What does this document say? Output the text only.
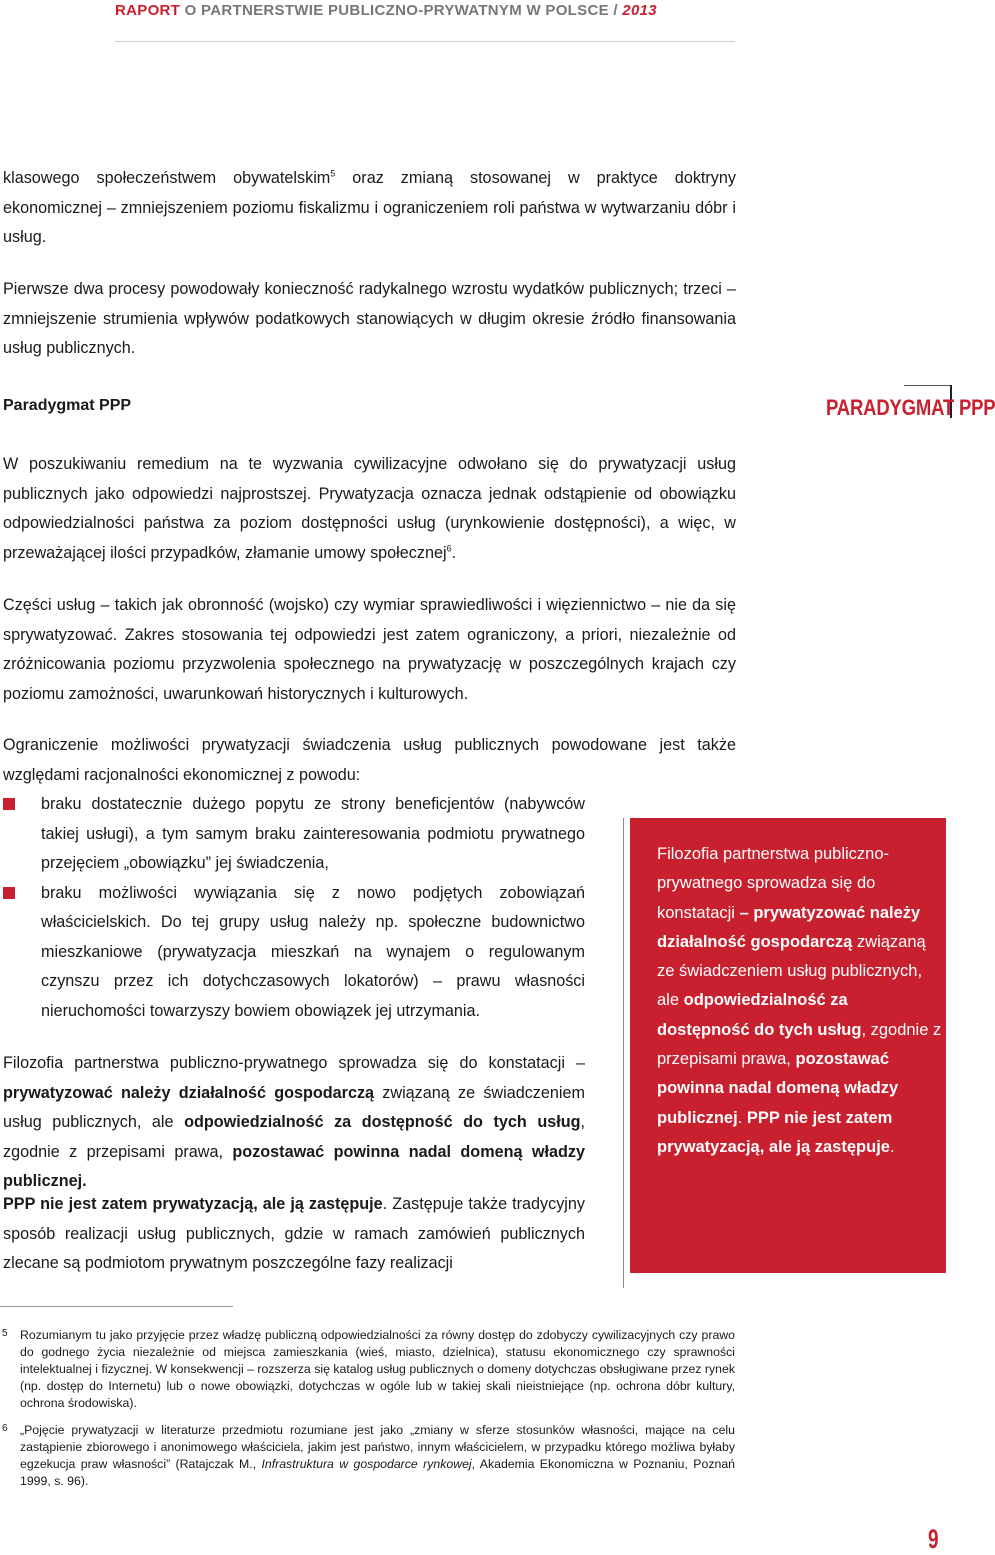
RAPORT O PARTNERSTWIE PUBLICZNO-PRYWATNYM W POLSCE / 2013
klasowego społeczeństwem obywatelskim$^5$ oraz zmianą stosowanej w praktyce doktryny ekonomicznej – zmniejszeniem poziomu fiskalizmu i ograniczeniem roli państwa w wytwarzaniu dóbr i usług.
Pierwsze dwa procesy powodowały konieczność radykalnego wzrostu wydatków publicznych; trzeci – zmniejszenie strumienia wpływów podatkowych stanowiących w długim okresie źródło finansowania usług publicznych.
Paradygmat PPP	PARADYGMAT PPP
W poszukiwaniu remedium na te wyzwania cywilizacyjne odwołano się do prywatyzacji usług publicznych jako odpowiedzi najprostszej. Prywatyzacja oznacza jednak odstąpienie od obowiązku odpowiedzialności państwa za poziom dostępności usług (urynkowienie dostępności), a więc, w przeważającej ilości przypadków, złamanie umowy społecznej$^6$.
Części usług – takich jak obronność (wojsko) czy wymiar sprawiedliwości i więziennictwo – nie da się sprywatyzować. Zakres stosowania tej odpowiedzi jest zatem ograniczony, a priori, niezależnie od zróżnicowania poziomu przyzwolenia społecznego na prywatyzację w poszczególnych krajach czy poziomu zamożności, uwarunkowań historycznych i kulturowych.
Ograniczenie możliwości prywatyzacji świadczenia usług publicznych powodowane jest także względami racjonalności ekonomicznej z powodu:
braku dostatecznie dużego popytu ze strony beneficjentów (nabywców takiej usługi), a tym samym braku zainteresowania podmiotu prywatnego przejęciem „obowiązku” jej świadczenia,
braku możliwości wywiązania się z nowo podjętych zobowiązań właścicielskich. Do tej grupy usług należy np. społeczne budownictwo mieszkaniowe (prywatyzacja mieszkań na wynajem o regulowanym czynszu przez ich dotychczasowych lokatorów) – prawu własności nieruchomości towarzyszy bowiem obowiązek jej utrzymania.
Filozofia partnerstwa publiczno-prywatnego sprowadza się do konstatacji – prywatyzować należy działalność gospodarczą związaną ze świadczeniem usług publicznych, ale odpowiedzialność za dostępność do tych usług, zgodnie z przepisami prawa, pozostawać powinna nadal domeną władzy publicznej.
PPP nie jest zatem prywatyzacją, ale ją zastępuje. Zastępuje także tradycyjny sposób realizacji usług publicznych, gdzie w ramach zamówień publicznych zlecane są podmiotom prywatnym poszczególne fazy realizacji
Filozofia partnerstwa publiczno-prywatnego sprowadza się do konstatacji – prywatyzować należy działalność gospodarczą związaną ze świadczeniem usług publicznych, ale odpowiedzialność za dostępność do tych usług, zgodnie z przepisami prawa, pozostawać powinna nadal domeną władzy publicznej. PPP nie jest zatem prywatyzacją, ale ją zastępuje.
5 Rozumianym tu jako przyjęcie przez władzę publiczną odpowiedzialności za równy dostęp do zdobyczy cywilizacyjnych czy prawo do godnego życia niezależnie od miejsca zamieszkania (wieś, miasto, dzielnica), statusu ekonomicznego czy sprawności intelektualnej i fizycznej. W konsekwencji – rozszerza się katalog usług publicznych o domeny dotychczas obsługiwane przez rynek (np. dostęp do Internetu) lub o nowe obowiązki, dotychczas w ogóle lub w takiej skali nieistniejące (np. ochrona dóbr kultury, ochrona środowiska).
6 „Pojęcie prywatyzacji w literaturze przedmiotu rozumiane jest jako „zmiany w sferze stosunków własności, mające na celu zastąpienie zbiorowego i anonimowego właściciela, jakim jest państwo, innym właścicielem, w przypadku którego możliwa byłaby egzekucja praw własności” (Ratajczak M., Infrastruktura w gospodarce rynkowej, Akademia Ekonomiczna w Poznaniu, Poznań 1999, s. 96).
9
